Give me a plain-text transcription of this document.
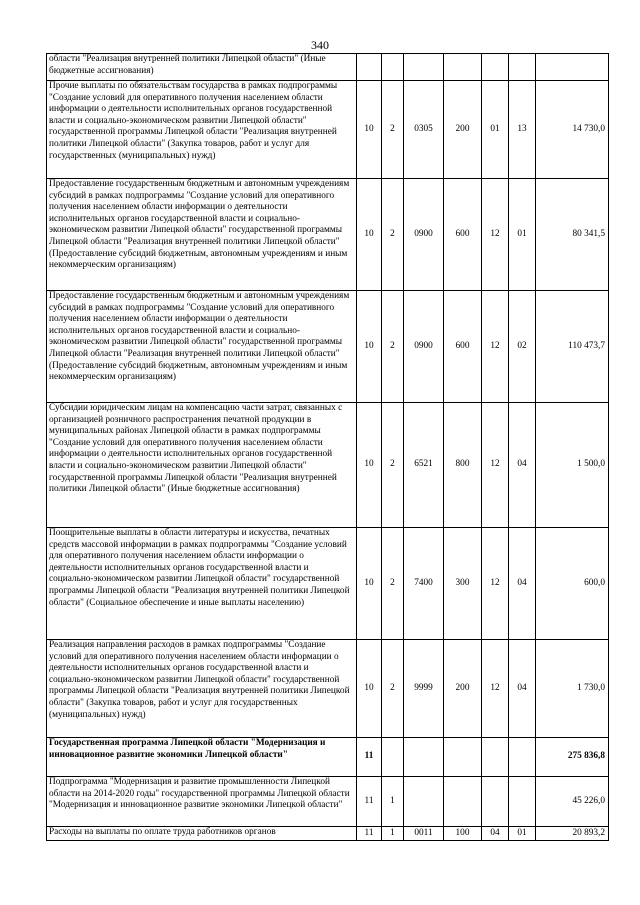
340
области "Реализация внутренней политики Липецкой области" (Иные бюджетные ассигнования)							
Прочие выплаты по обязательствам государства в рамках подпрограммы "Создание условий для оперативного получения населением области информации о деятельности исполнительных органов государственной власти и социально-экономическом развитии Липецкой области" государственной программы Липецкой области "Реализация внутренней политики Липецкой области" (Закупка товаров, работ и услуг для государственных (муниципальных) нужд)	10	2	0305	200	01	13	14 730,0
Предоставление государственным бюджетным и автономным учреждениям субсидий в рамках подпрограммы "Создание условий для оперативного получения населением области информации о деятельности исполнительных органов государственной власти и социально-экономическом развитии Липецкой области" государственной программы Липецкой области "Реализация внутренней политики Липецкой области" (Предоставление субсидий бюджетным, автономным учреждениям и иным некоммерческим организациям)	10	2	0900	600	12	01	80 341,5
Предоставление государственным бюджетным и автономным учреждениям субсидий в рамках подпрограммы "Создание условий для оперативного получения населением области информации о деятельности исполнительных органов государственной власти и социально-экономическом развитии Липецкой области" государственной программы Липецкой области "Реализация внутренней политики Липецкой области" (Предоставление субсидий бюджетным, автономным учреждениям и иным некоммерческим организациям)	10	2	0900	600	12	02	110 473,7
Субсидии юридическим лицам на компенсацию части затрат, связанных с организацией розничного распространения печатной продукции в муниципальных районах Липецкой области в рамках подпрограммы "Создание условий для оперативного получения населением области информации о деятельности исполнительных органов государственной власти и социально-экономическом развитии Липецкой области" государственной программы Липецкой области "Реализация внутренней политики Липецкой области" (Иные бюджетные ассигнования)	10	2	6521	800	12	04	1 500,0
Поощрительные выплаты в области литературы и искусства, печатных средств массовой информации в рамках подпрограммы "Создание условий для оперативного получения населением области информации о деятельности исполнительных органов государственной власти и социально-экономическом развитии Липецкой области" государственной программы Липецкой области "Реализация внутренней политики Липецкой области" (Социальное обеспечение и иные выплаты населению)	10	2	7400	300	12	04	600,0
Реализация направления расходов в рамках подпрограммы "Создание условий для оперативного получения населением области информации о деятельности исполнительных органов государственной власти и социально-экономическом развитии Липецкой области" государственной программы Липецкой области "Реализация внутренней политики Липецкой области" (Закупка товаров, работ и услуг для государственных (муниципальных) нужд)	10	2	9999	200	12	04	1 730,0
Государственная программа Липецкой области "Модернизация и инновационное развитие экономики Липецкой области"	11						275 836,8
Подпрограмма "Модернизация и развитие промышленности Липецкой области на 2014-2020 годы" государственной программы Липецкой области "Модернизация и инновационное развитие экономики Липецкой области"	11	1					45 226,0
Расходы на выплаты по оплате труда работников органов	11	1	0011	100	04	01	20 893,2
